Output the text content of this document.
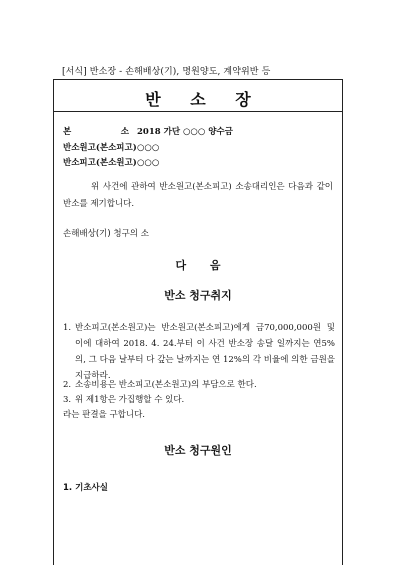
[서식] 반소장 - 손해배상(기), 명원양도, 계약위반 등
반 소 장
본 소 2018 가단 ○○○ 양수금
반소원고(본소피고)○○○
반소피고(본소원고)○○○
위 사건에 관하여 반소원고(본소피고) 소송대리인은 다음과 같이 반소를 제기합니다.
손해배상(기) 청구의 소
다 음
반소 청구취지
1. 반소피고(본소원고)는 반소원고(본소피고)에게 금70,000,000원 및 이에 대하여 2018. 4. 24.부터 이 사건 반소장 송달 일까지는 연5%의, 그 다음 날부터 다 갚는 날까지는 연 12%의 각 비율에 의한 금원을 지급하라.
2. 소송비용은 반소피고(본소원고)의 부담으로 한다.
3. 위 제1항은 가집행할 수 있다.
라는 판결을 구합니다.
반소 청구원인
1. 기초사실
